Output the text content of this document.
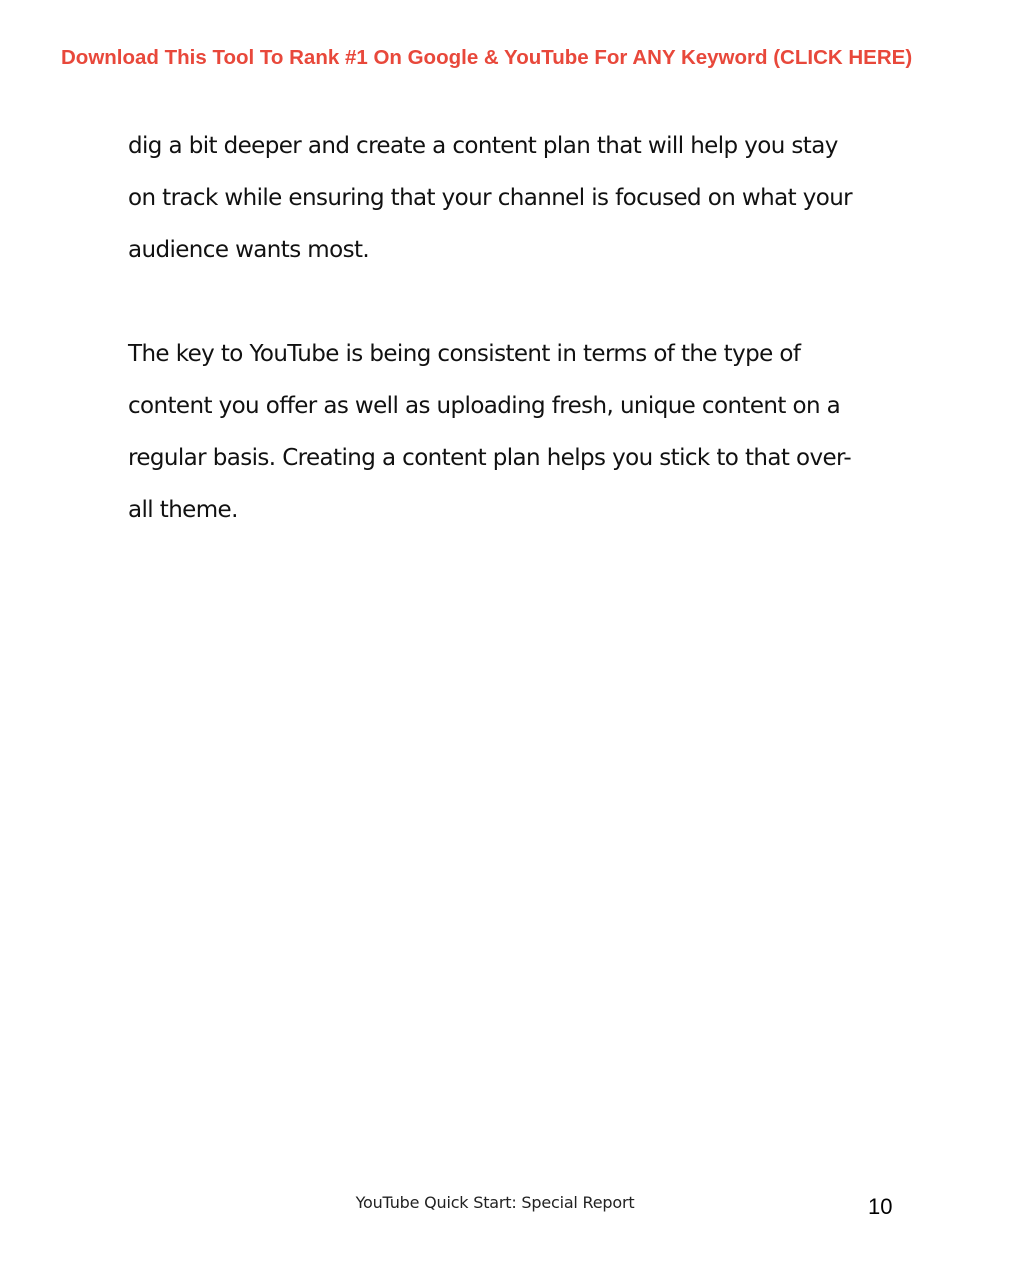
Download This Tool To Rank #1 On Google & YouTube For ANY Keyword (CLICK HERE)
dig a bit deeper and create a content plan that will help you stay
on track while ensuring that your channel is focused on what your
audience wants most.
The key to YouTube is being consistent in terms of the type of
content you offer as well as uploading fresh, unique content on a
regular basis. Creating a content plan helps you stick to that over-
all theme.
YouTube Quick Start: Special Report	10
